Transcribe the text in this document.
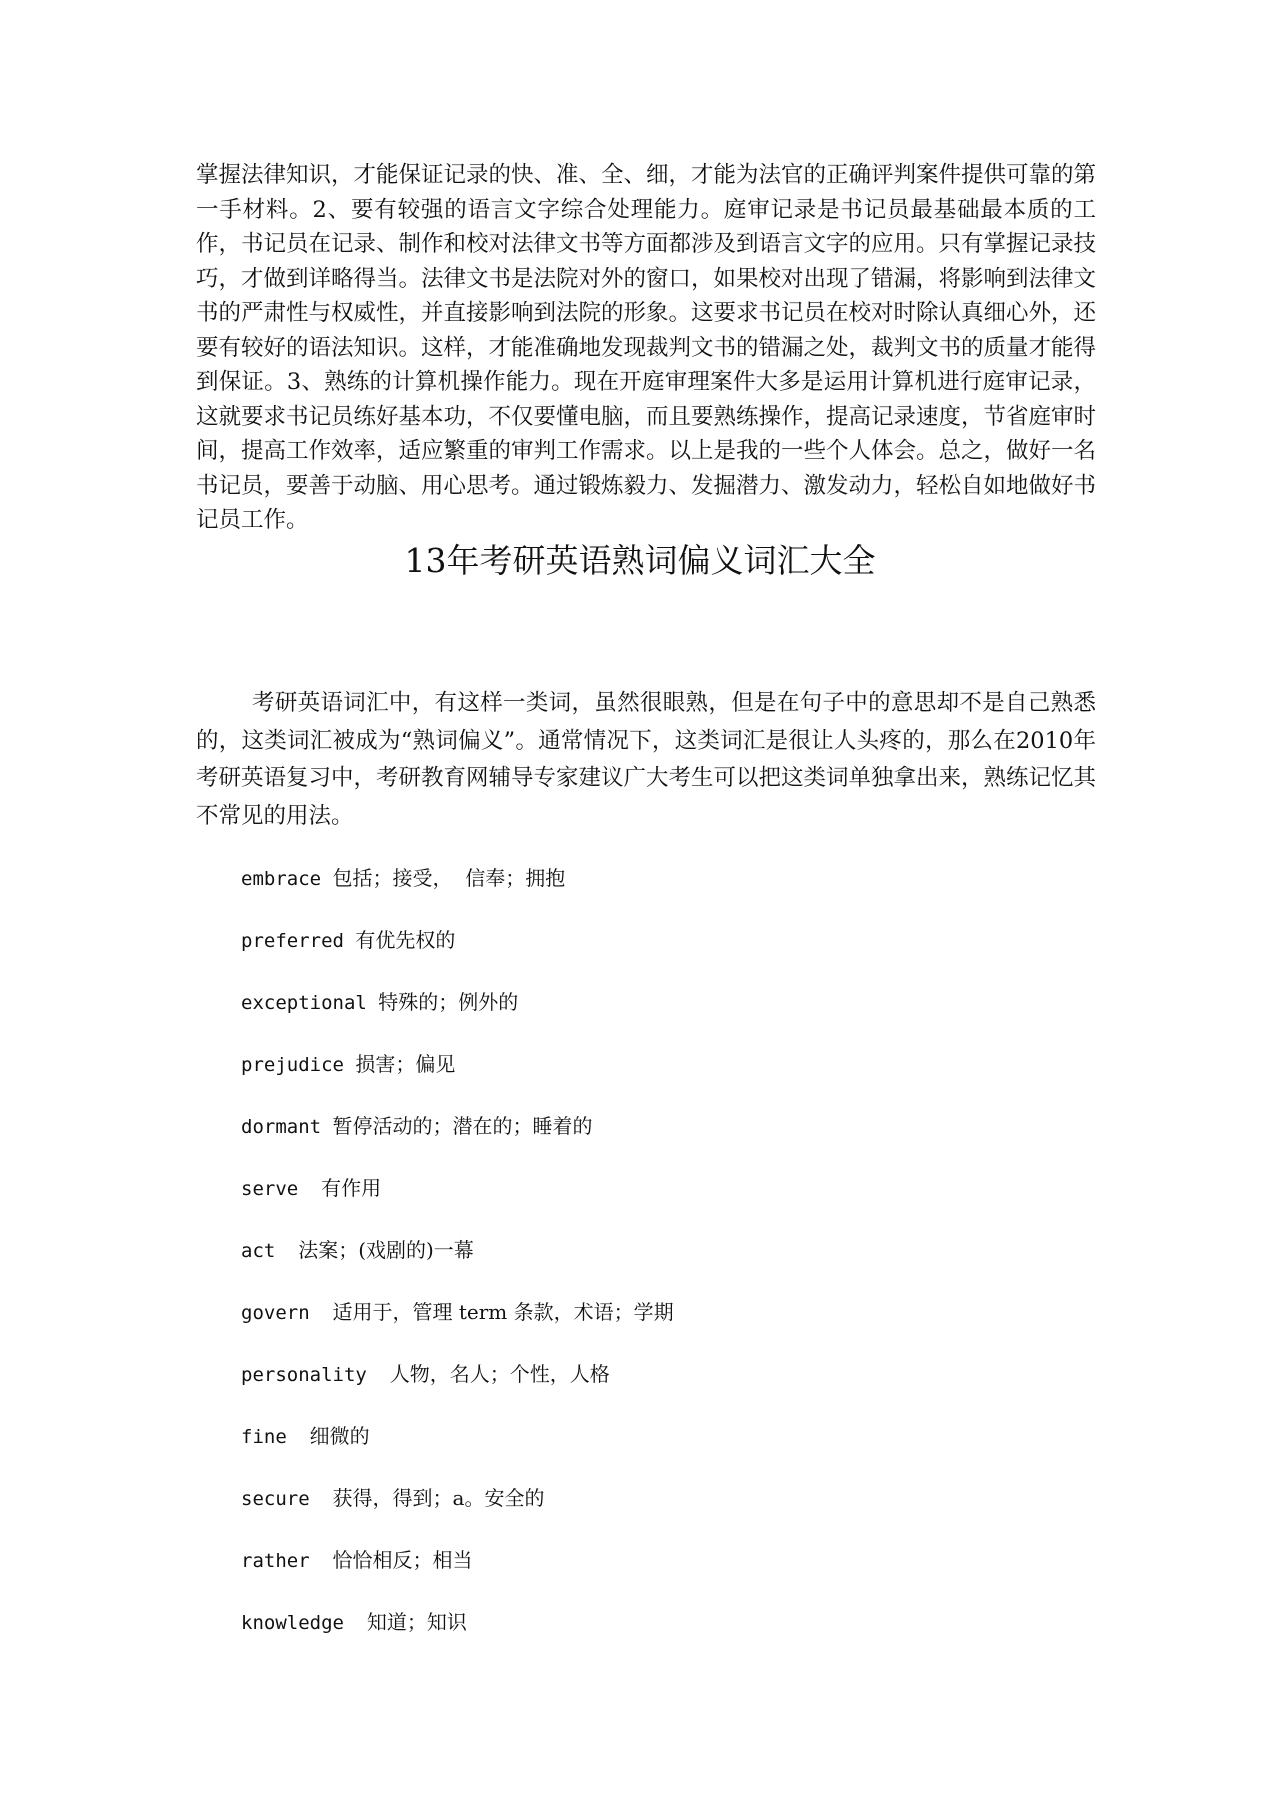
掌握法律知识，才能保证记录的快、准、全、细，才能为法官的正确评判案件提供可靠的第一手材料。2、要有较强的语言文字综合处理能力。庭审记录是书记员最基础最本质的工作，书记员在记录、制作和校对法律文书等方面都涉及到语言文字的应用。只有掌握记录技巧，才做到详略得当。法律文书是法院对外的窗口，如果校对出现了错漏，将影响到法律文书的严肃性与权威性，并直接影响到法院的形象。这要求书记员在校对时除认真细心外，还要有较好的语法知识。这样，才能准确地发现裁判文书的错漏之处，裁判文书的质量才能得到保证。3、熟练的计算机操作能力。现在开庭审理案件大多是运用计算机进行庭审记录，这就要求书记员练好基本功，不仅要懂电脑，而且要熟练操作，提高记录速度，节省庭审时间，提高工作效率，适应繁重的审判工作需求。以上是我的一些个人体会。总之，做好一名书记员，要善于动脑、用心思考。通过锻炼毅力、发掘潜力、激发动力，轻松自如地做好书记员工作。

13年考研英语熟词偏义词汇大全

考研英语词汇中，有这样一类词，虽然很眼熟，但是在句子中的意思却不是自己熟悉的，这类词汇被成为“熟词偏义”。通常情况下，这类词汇是很让人头疼的，那么在2010年考研英语复习中，考研教育网辅导专家建议广大考生可以把这类词单独拿出来，熟练记忆其不常见的用法。

embrace 包括；接受，  信奉；拥抱
preferred 有优先权的
exceptional 特殊的；例外的
prejudice 损害；偏见
dormant 暂停活动的；潜在的；睡着的
serve  有作用
act  法案；(戏剧的)一幕
govern  适用于，管理 term 条款，术语；学期
personality  人物，名人；个性，人格
fine  细微的
secure  获得，得到；a。安全的
rather  恰恰相反；相当
knowledge  知道；知识
